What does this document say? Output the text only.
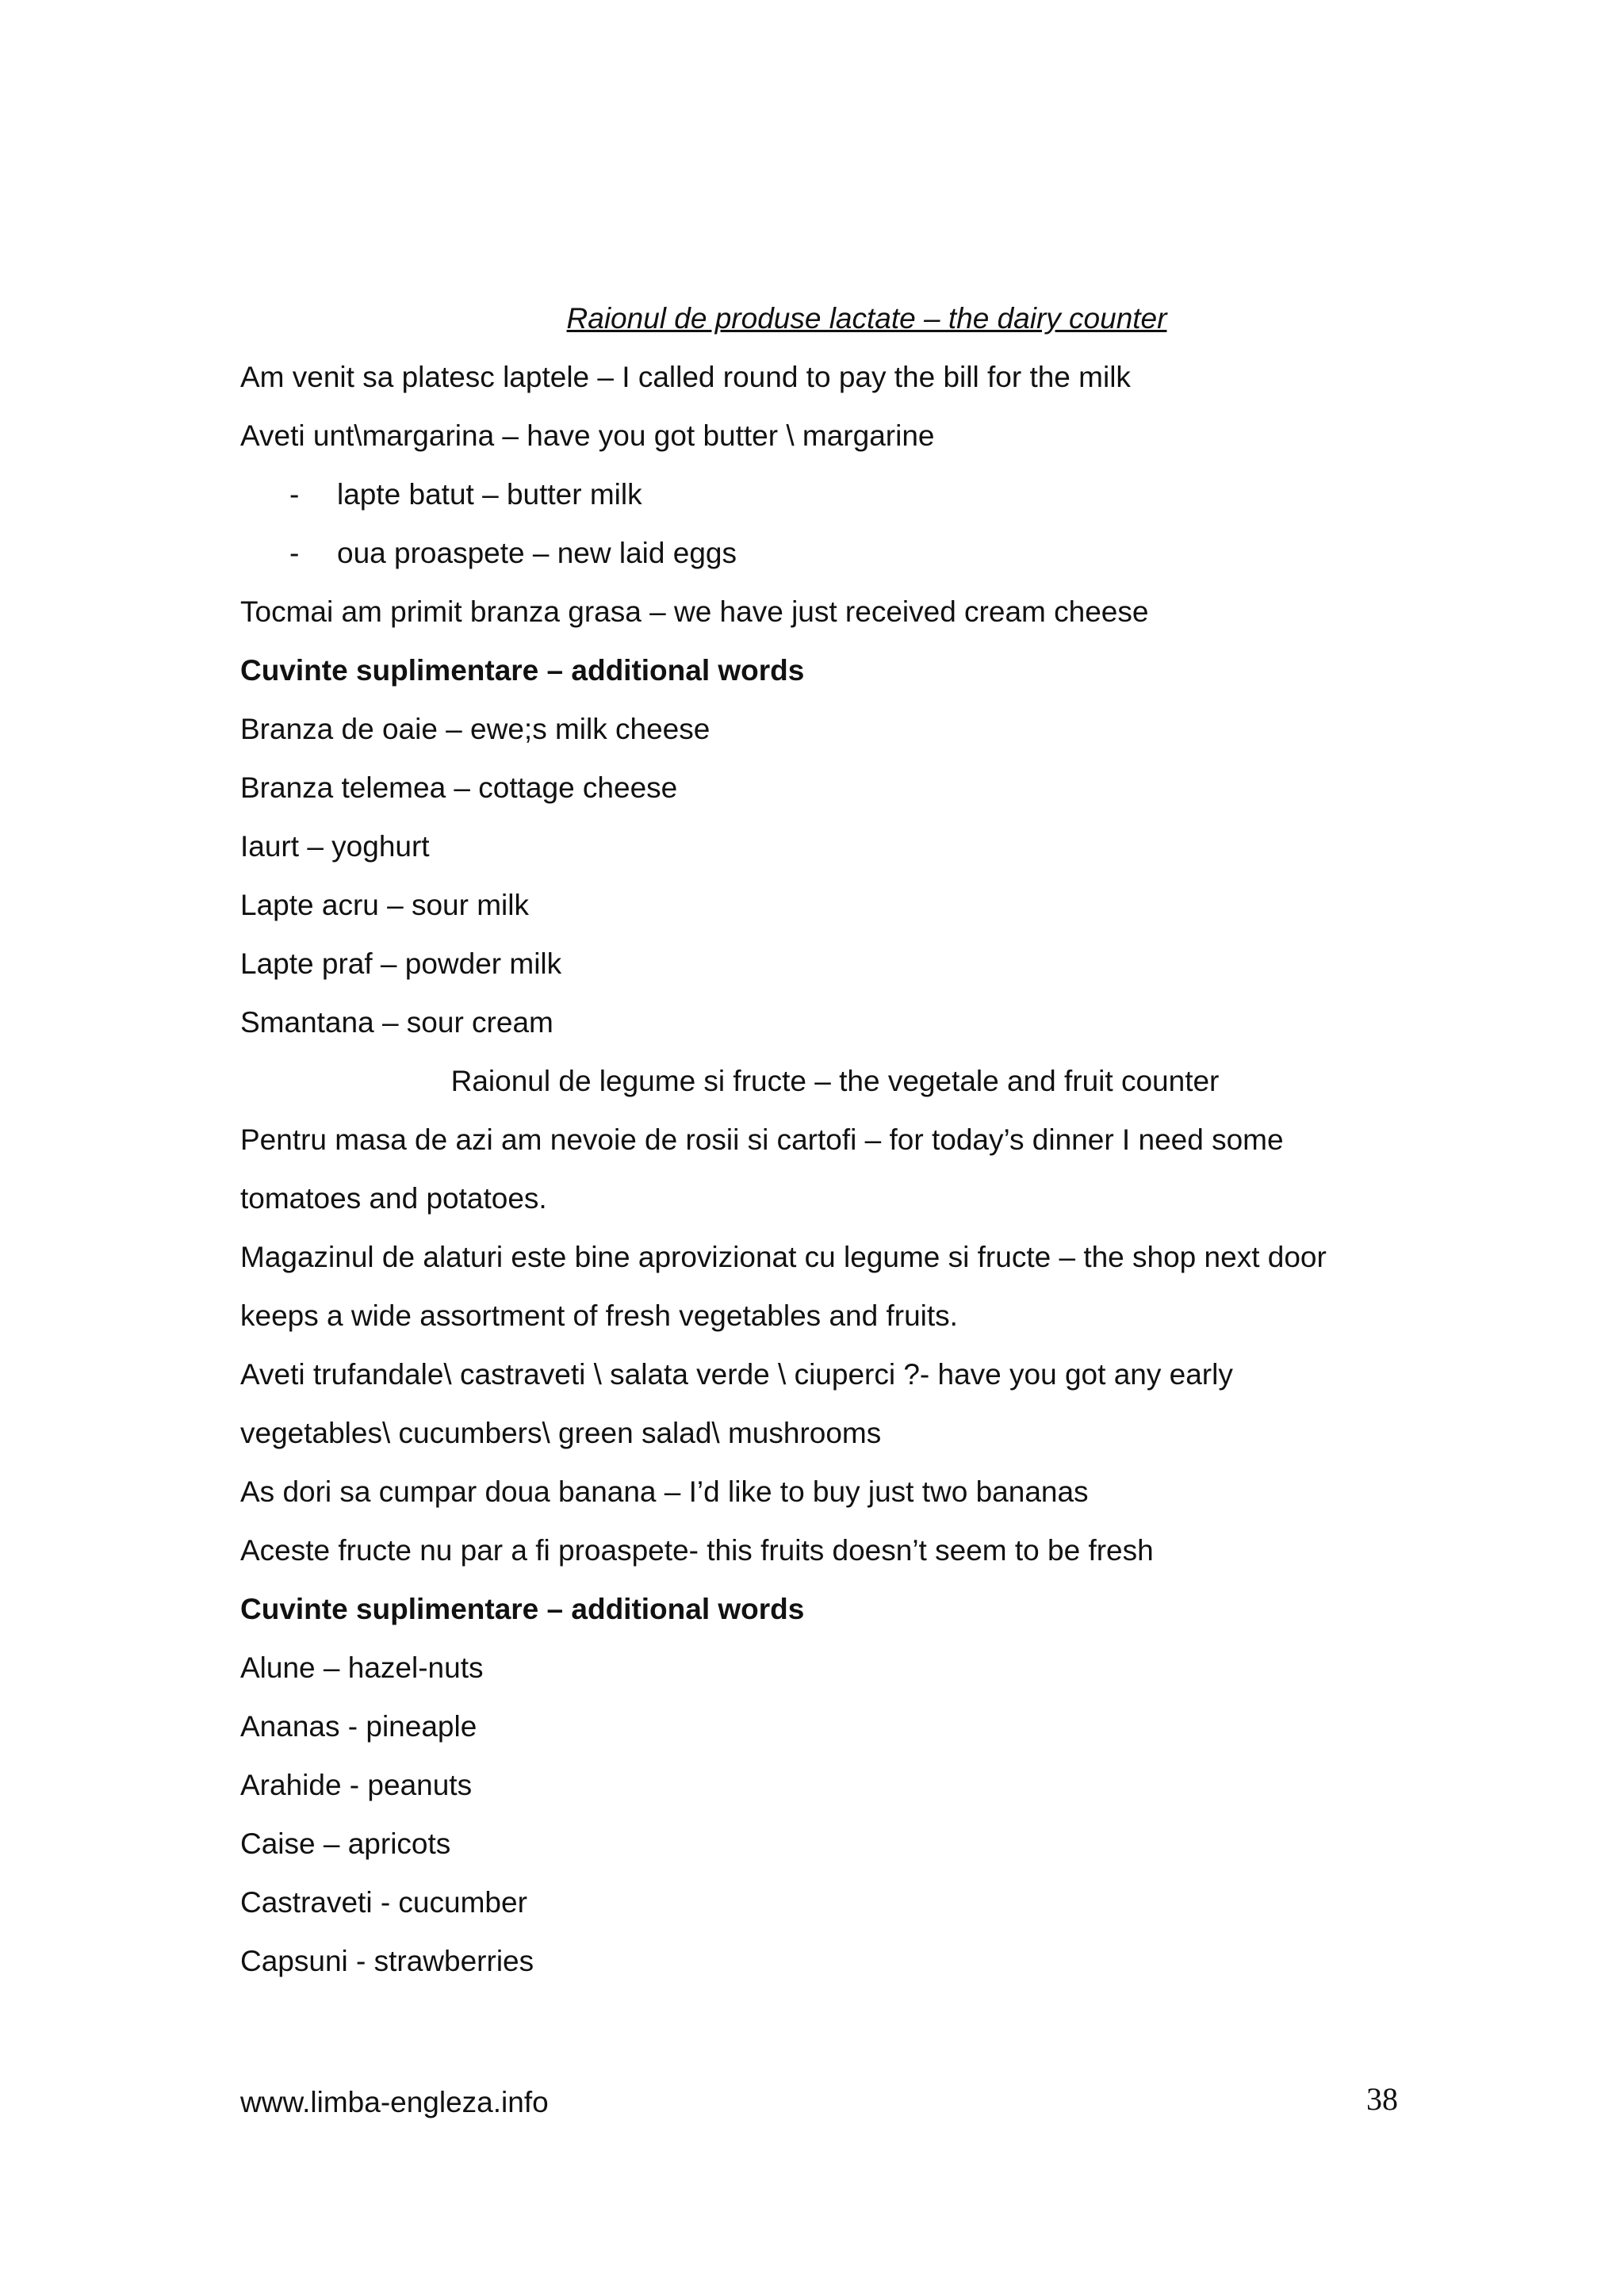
Raionul de produse lactate – the dairy counter
Am venit sa platesc laptele – I called round to pay the bill for the milk
Aveti unt\margarina – have you got butter \ margarine
- lapte batut – butter milk
- oua proaspete – new laid eggs
Tocmai am primit branza grasa – we have just received cream cheese
Cuvinte suplimentare – additional words
Branza de oaie – ewe;s milk cheese
Branza telemea – cottage cheese
Iaurt – yoghurt
Lapte acru – sour milk
Lapte praf – powder milk
Smantana – sour cream
Raionul de legume si fructe – the vegetale and fruit counter
Pentru masa de azi am nevoie de rosii si cartofi – for today’s dinner I need some
tomatoes and potatoes.
Magazinul de alaturi este bine aprovizionat cu legume si fructe – the shop next door
keeps a wide assortment of fresh vegetables and fruits.
Aveti trufandale\ castraveti \ salata verde \ ciuperci ?- have you got any early
vegetables\ cucumbers\ green salad\ mushrooms
As dori sa cumpar doua banana – I’d like to buy just two bananas
Aceste fructe nu par a fi proaspete- this fruits doesn’t seem to be fresh
Cuvinte suplimentare – additional words
Alune – hazel-nuts
Ananas - pineaple
Arahide - peanuts
Caise – apricots
Castraveti - cucumber
Capsuni - strawberries
www.limba-engleza.info	38
